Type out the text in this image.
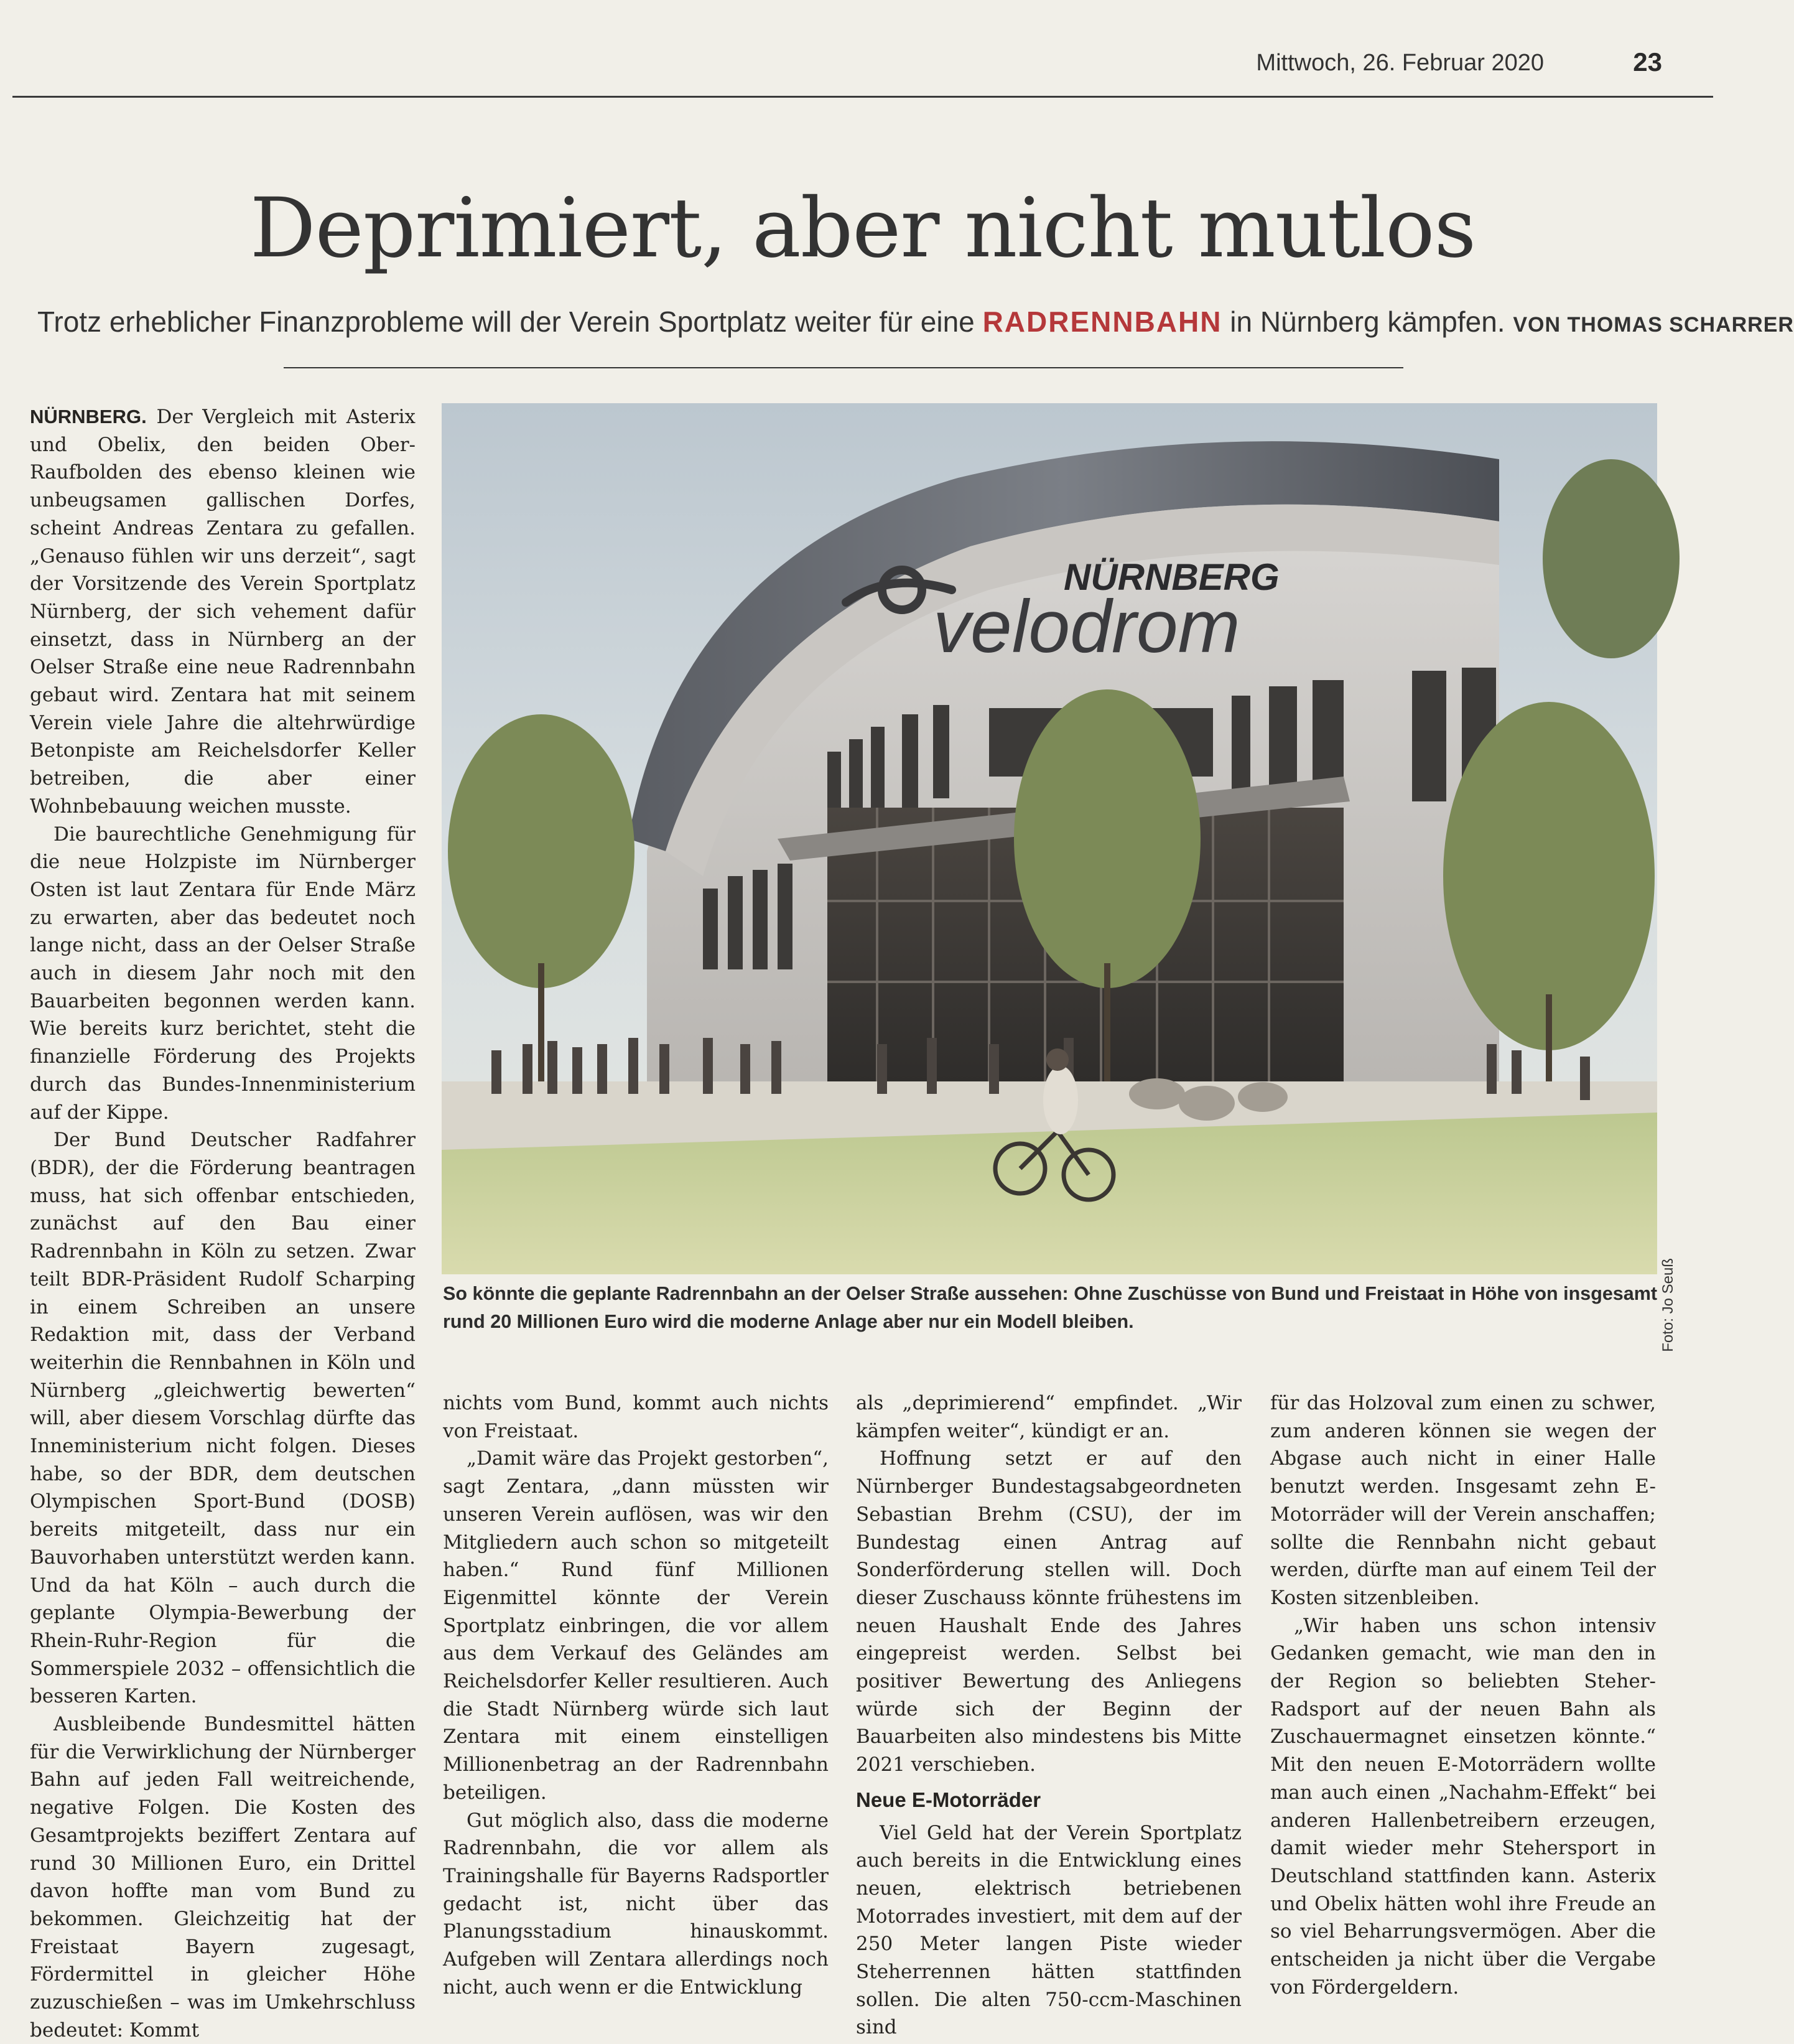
Mittwoch, 26. Februar 2020	23
Deprimiert, aber nicht mutlos
Trotz erheblicher Finanzprobleme will der Verein Sportplatz weiter für eine RADRENNBAHN in Nürnberg kämpfen. VON THOMAS SCHARRER

NÜRNBERG. Der Vergleich mit Asterix und Obelix, den beiden Ober-Raufbolden des ebenso kleinen wie unbeugsamen gallischen Dorfes, scheint Andreas Zentara zu gefallen. „Genauso fühlen wir uns derzeit“, sagt der Vorsitzende des Verein Sportplatz Nürnberg, der sich vehement dafür einsetzt, dass in Nürnberg an der Oelser Straße eine neue Radrennbahn gebaut wird. Zentara hat mit seinem Verein viele Jahre die altehrwürdige Betonpiste am Reichelsdorfer Keller betreiben, die aber einer Wohnbebauung weichen musste.

Die baurechtliche Genehmigung für die neue Holzpiste im Nürnberger Osten ist laut Zentara für Ende März zu erwarten, aber das bedeutet noch lange nicht, dass an der Oelser Straße auch in diesem Jahr noch mit den Bauarbeiten begonnen werden kann. Wie bereits kurz berichtet, steht die finanzielle Förderung des Projekts durch das Bundes-Innenministerium auf der Kippe.

Der Bund Deutscher Radfahrer (BDR), der die Förderung beantragen muss, hat sich offenbar entschieden, zunächst auf den Bau einer Radrennbahn in Köln zu setzen. Zwar teilt BDR-Präsident Rudolf Scharping in einem Schreiben an unsere Redaktion mit, dass der Verband weiterhin die Rennbahnen in Köln und Nürnberg „gleichwertig bewerten“ will, aber diesem Vorschlag dürfte das Inneministerium nicht folgen. Dieses habe, so der BDR, dem deutschen Olympischen Sport-Bund (DOSB) bereits mitgeteilt, dass nur ein Bauvorhaben unterstützt werden kann. Und da hat Köln – auch durch die geplante Olympia-Bewerbung der Rhein-Ruhr-Region für die Sommerspiele 2032 – offensichtlich die besseren Karten.

Ausbleibende Bundesmittel hätten für die Verwirklichung der Nürnberger Bahn auf jeden Fall weitreichende, negative Folgen. Die Kosten des Gesamtprojekts beziffert Zentara auf rund 30 Millionen Euro, ein Drittel davon hoffte man vom Bund zu bekommen. Gleichzeitig hat der Freistaat Bayern zugesagt, Fördermittel in gleicher Höhe zuzuschießen – was im Umkehrschluss bedeutet: Kommt

NÜRNBERG
velodrom
Foto: Jo Seuß

So könnte die geplante Radrennbahn an der Oelser Straße aussehen: Ohne Zuschüsse von Bund und Freistaat in Höhe von insgesamt rund 20 Millionen Euro wird die moderne Anlage aber nur ein Modell bleiben.

nichts vom Bund, kommt auch nichts von Freistaat.

„Damit wäre das Projekt gestorben“, sagt Zentara, „dann müssten wir unseren Verein auflösen, was wir den Mitgliedern auch schon so mitgeteilt haben.“ Rund fünf Millionen Eigenmittel könnte der Verein Sportplatz einbringen, die vor allem aus dem Verkauf des Geländes am Reichelsdorfer Keller resultieren. Auch die Stadt Nürnberg würde sich laut Zentara mit einem einstelligen Millionenbetrag an der Radrennbahn beteiligen.

Gut möglich also, dass die moderne Radrennbahn, die vor allem als Trainingshalle für Bayerns Radsportler gedacht ist, nicht über das Planungsstadium hinauskommt. Aufgeben will Zentara allerdings noch nicht, auch wenn er die Entwicklung

als „deprimierend“ empfindet. „Wir kämpfen weiter“, kündigt er an.

Hoffnung setzt er auf den Nürnberger Bundestagsabgeordneten Sebastian Brehm (CSU), der im Bundestag einen Antrag auf Sonderförderung stellen will. Doch dieser Zuschauss könnte frühestens im neuen Haushalt Ende des Jahres eingepreist werden. Selbst bei positiver Bewertung des Anliegens würde sich der Beginn der Bauarbeiten also mindestens bis Mitte 2021 verschieben.

Neue E-Motorräder

Viel Geld hat der Verein Sportplatz auch bereits in die Entwicklung eines neuen, elektrisch betriebenen Motorrades investiert, mit dem auf der 250 Meter langen Piste wieder Steherrennen hätten stattfinden sollen. Die alten 750-ccm-Maschinen sind

für das Holzoval zum einen zu schwer, zum anderen können sie wegen der Abgase auch nicht in einer Halle benutzt werden. Insgesamt zehn E-Motorräder will der Verein anschaffen; sollte die Rennbahn nicht gebaut werden, dürfte man auf einem Teil der Kosten sitzenbleiben.

„Wir haben uns schon intensiv Gedanken gemacht, wie man den in der Region so beliebten Steher-Radsport auf der neuen Bahn als Zuschauermagnet einsetzen könnte.“ Mit den neuen E-Motorrädern wollte man auch einen „Nachahm-Effekt“ bei anderen Hallenbetreibern erzeugen, damit wieder mehr Stehersport in Deutschland stattfinden kann. Asterix und Obelix hätten wohl ihre Freude an so viel Beharrungsvermögen. Aber die entscheiden ja nicht über die Vergabe von Fördergeldern.
